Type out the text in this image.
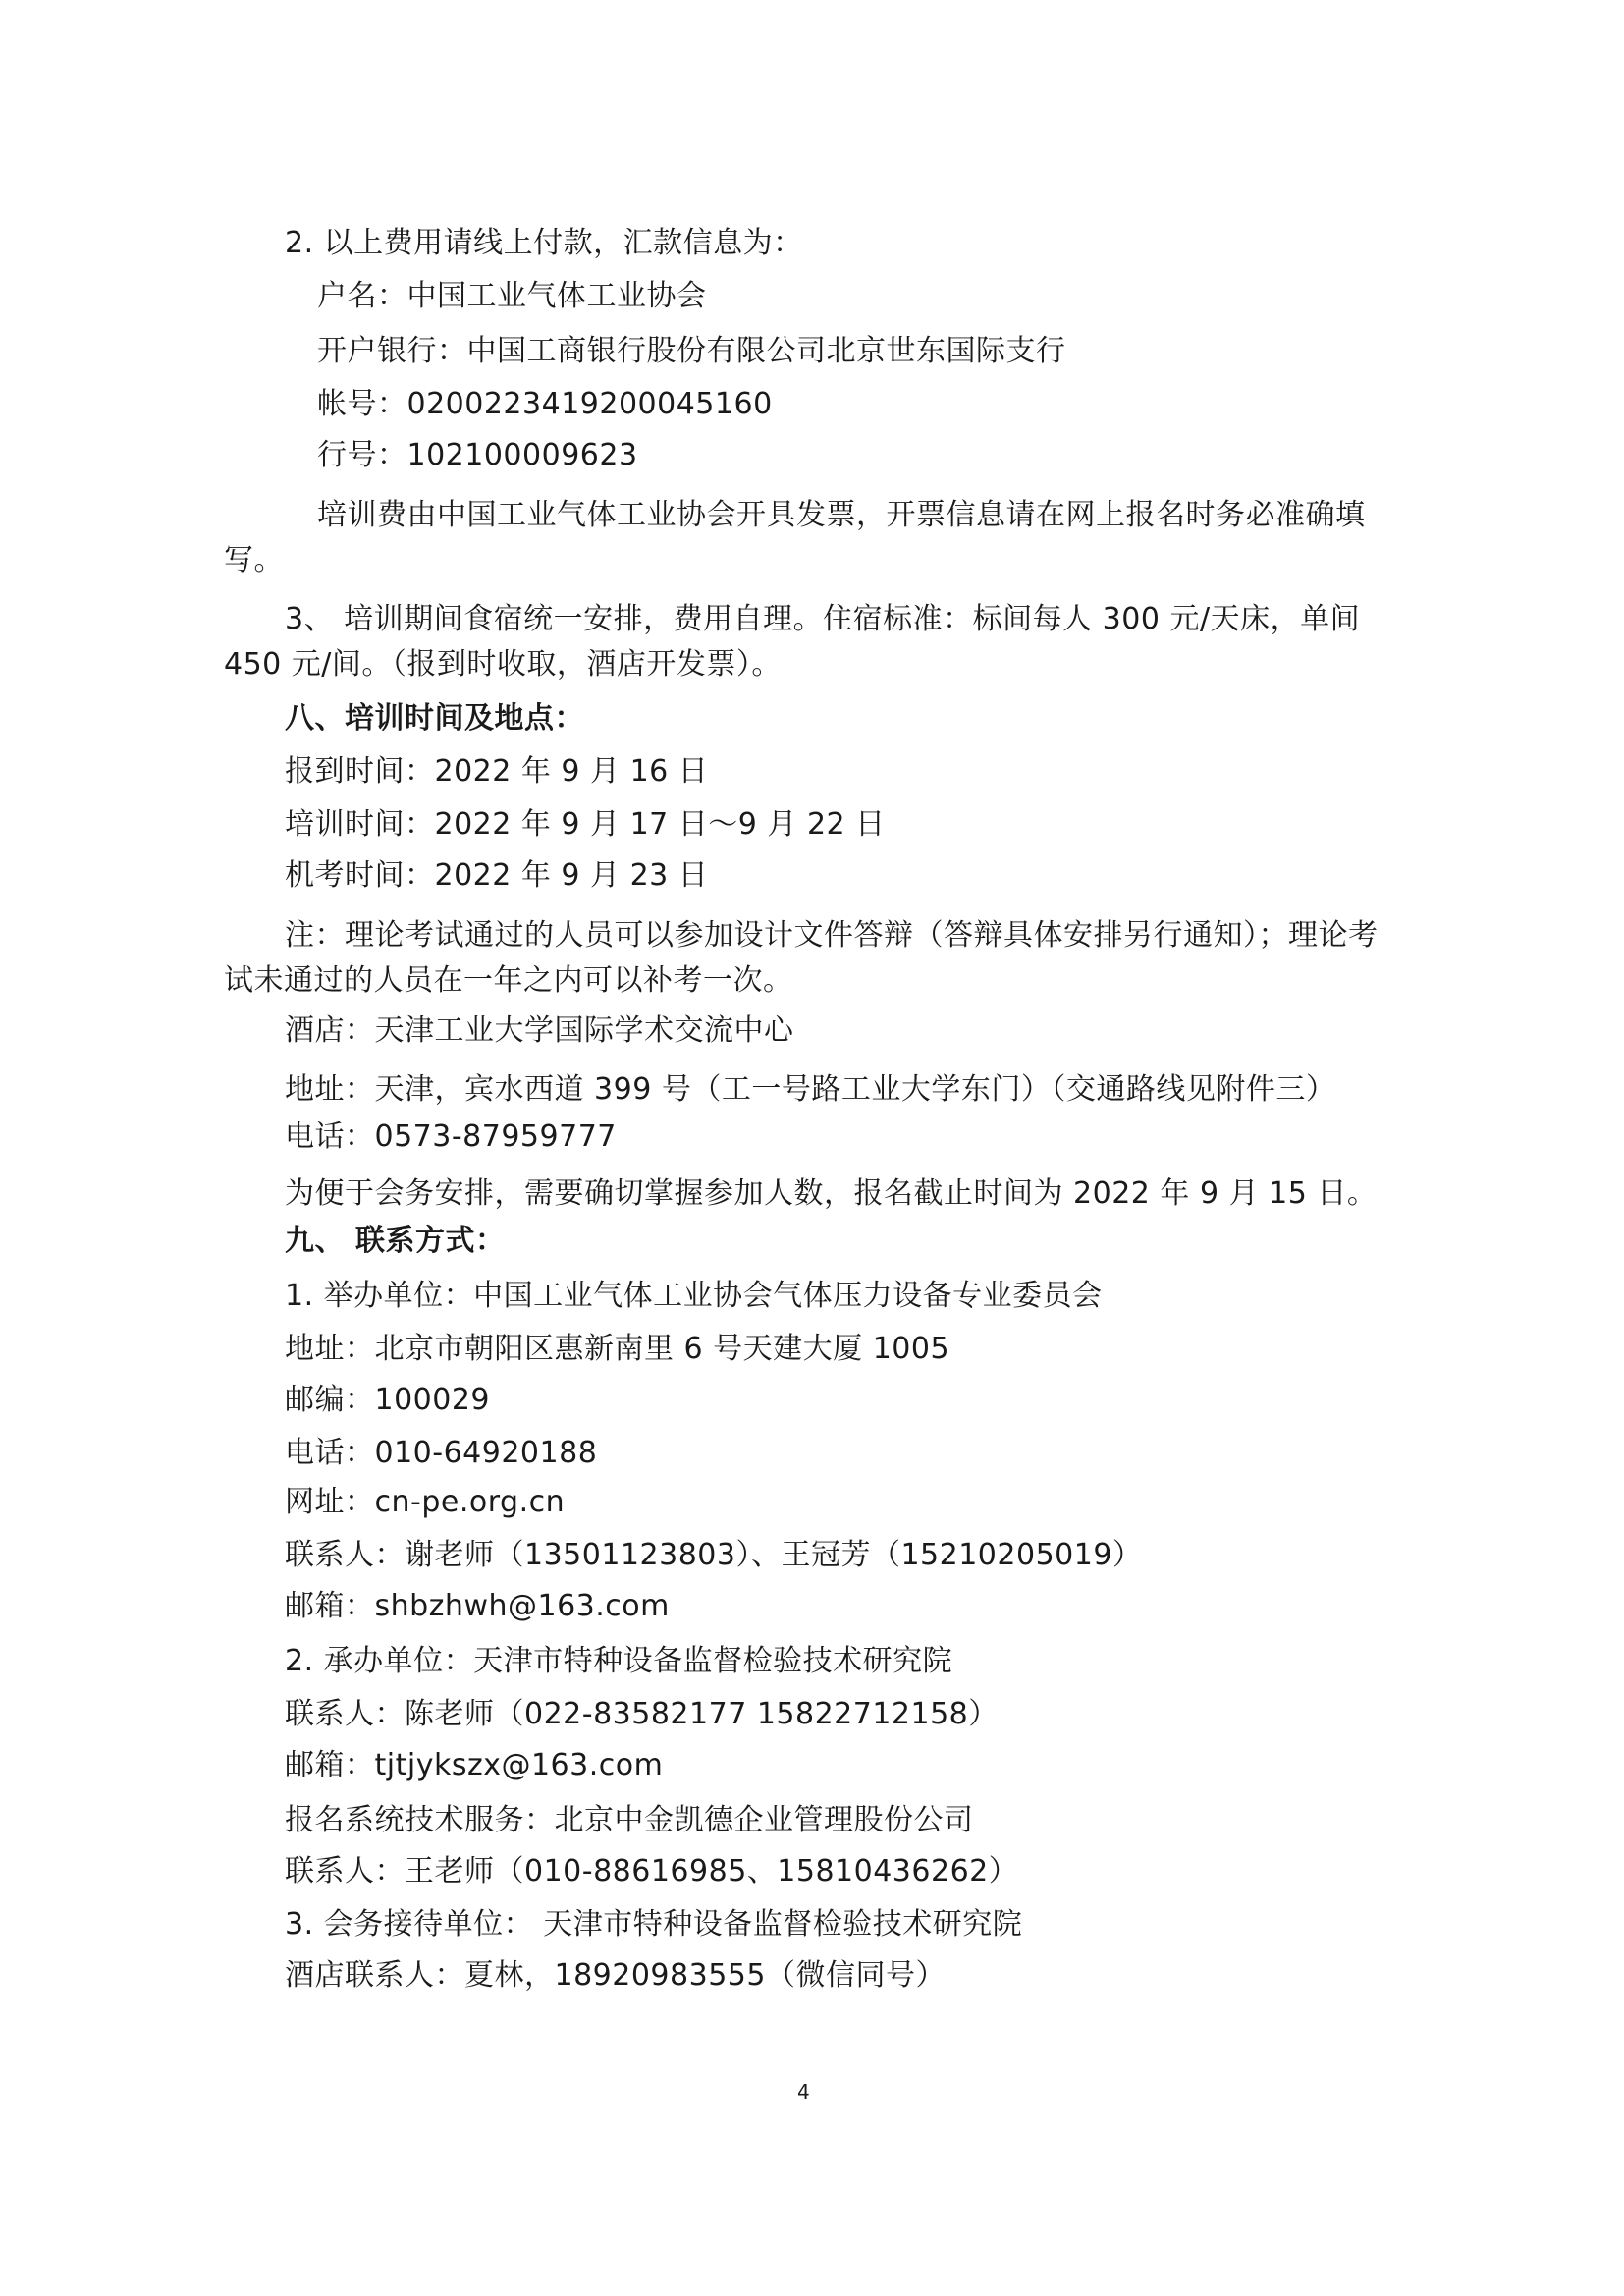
2. 以上费用请线上付款，汇款信息为：
户名：中国工业气体工业协会
开户银行：中国工商银行股份有限公司北京世东国际支行
帐号：0200223419200045160
行号：102100009623
培训费由中国工业气体工业协会开具发票，开票信息请在网上报名时务必准确填写。
3、 培训期间食宿统一安排，费用自理。住宿标准：标间每人 300 元/天床，单间 450 元/间。（报到时收取，酒店开发票）。
八、培训时间及地点：
报到时间：2022 年 9 月 16 日
培训时间：2022 年 9 月 17 日～9 月 22 日
机考时间：2022 年 9 月 23 日
注：理论考试通过的人员可以参加设计文件答辩（答辩具体安排另行通知）；理论考试未通过的人员在一年之内可以补考一次。
酒店：天津工业大学国际学术交流中心
地址：天津，宾水西道 399 号（工一号路工业大学东门）（交通路线见附件三）
电话：0573-87959777
为便于会务安排，需要确切掌握参加人数，报名截止时间为 2022 年 9 月 15 日。
九、 联系方式：
1. 举办单位：中国工业气体工业协会气体压力设备专业委员会
地址：北京市朝阳区惠新南里 6 号天建大厦 1005
邮编：100029
电话：010-64920188
网址：cn-pe.org.cn
联系人：谢老师（13501123803）、王冠芳（15210205019）
邮箱：shbzhwh@163.com
2. 承办单位：天津市特种设备监督检验技术研究院
联系人：陈老师（022-83582177 15822712158）
邮箱：tjtjykszx@163.com
报名系统技术服务：北京中金凯德企业管理股份公司
联系人：王老师（010-88616985、15810436262）
3. 会务接待单位： 天津市特种设备监督检验技术研究院
酒店联系人：夏林，18920983555（微信同号）
4
